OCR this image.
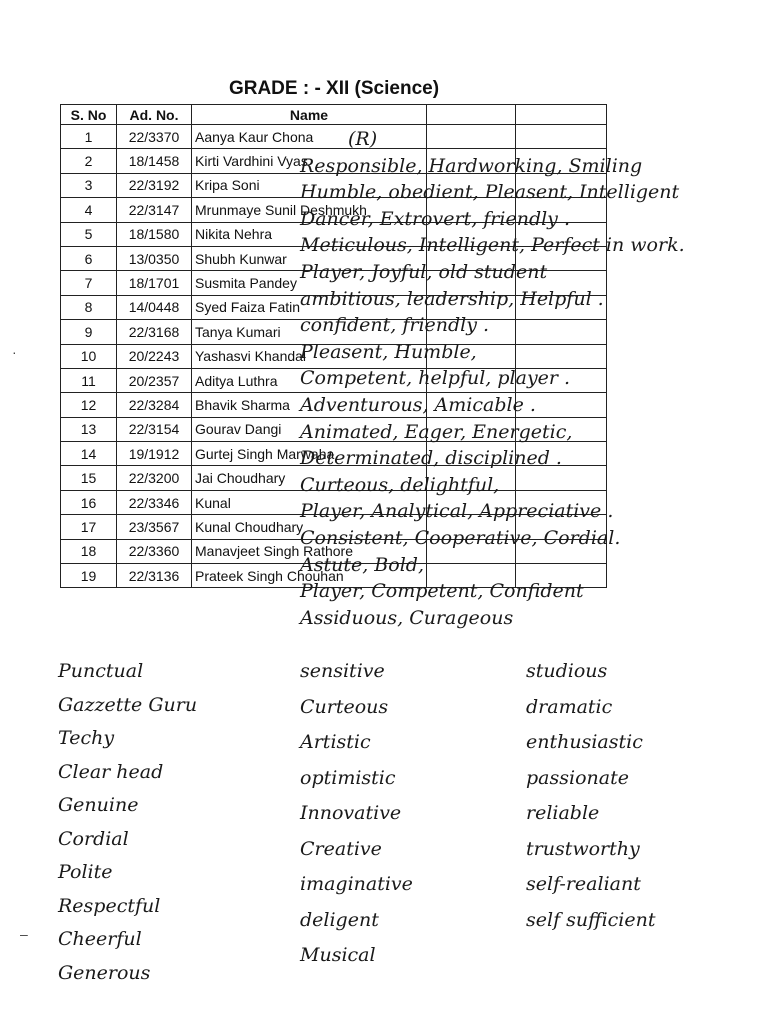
GRADE : - XII (Science)
S. No	Ad. No.	Name		
1	22/3370	Aanya Kaur Chona		
2	18/1458	Kirti Vardhini Vyas		
3	22/3192	Kripa Soni		
4	22/3147	Mrunmaye Sunil Deshmukh		
5	18/1580	Nikita Nehra		
6	13/0350	Shubh Kunwar		
7	18/1701	Susmita Pandey		
8	14/0448	Syed Faiza Fatin		
9	22/3168	Tanya Kumari		
10	20/2243	Yashasvi Khandal		
11	20/2357	Aditya Luthra		
12	22/3284	Bhavik Sharma		
13	22/3154	Gourav Dangi		
14	19/1912	Gurtej Singh Marwaha		
15	22/3200	Jai Choudhary		
16	22/3346	Kunal		
17	23/3567	Kunal Choudhary		
18	22/3360	Manavjeet Singh Rathore		
19	22/3136	Prateek Singh Chouhan		
(R)
Responsible, Hardworking, Smiling
Humble, obedient, Pleasent, Intelligent
Dancer, Extrovert, friendly .
Meticulous, Intelligent, Perfect in work.
Player, Joyful, old student
ambitious, leadership, Helpful .
confident, friendly .
Pleasent, Humble,
Competent, helpful, player .
Adventurous, Amicable .
Animated, Eager, Energetic,
Determinated, disciplined .
Curteous, delightful,
Player, Analytical, Appreciative .
Consistent, Cooperative, Cordial.
Astute, Bold,
Player, Competent, Confident
Assiduous, Curageous
Punctual
Gazzette Guru
Techy
Clear head
Genuine
Cordial
Polite
Respectful
Cheerful
Generous
sensitive
Curteous
Artistic
optimistic
Innovative
Creative
imaginative
deligent
Musical
studious
dramatic
enthusiastic
passionate
reliable
trustworthy
self-realiant
self sufficient
·
–
